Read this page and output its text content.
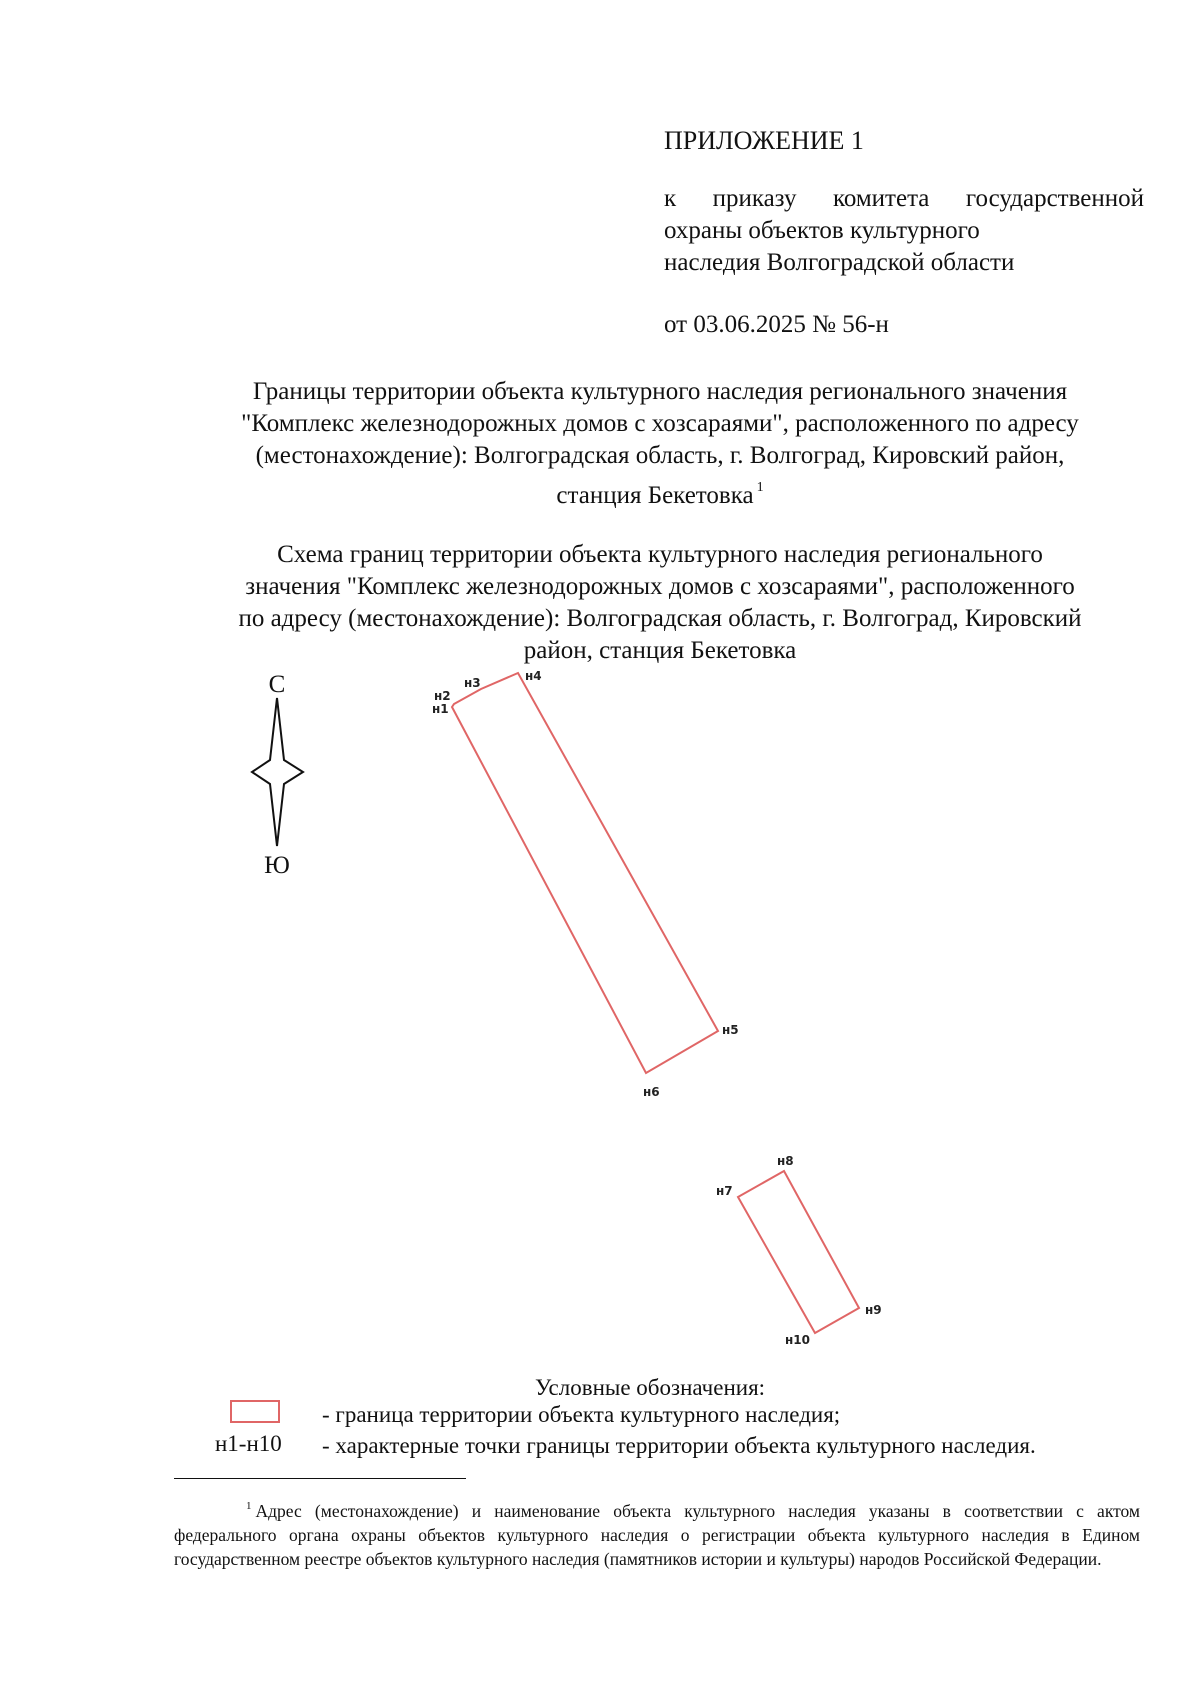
ПРИЛОЖЕНИЕ 1
к приказу комитета государственной
охраны объектов культурного
наследия Волгоградской области
от 03.06.2025 № 56-н
Границы территории объекта культурного наследия регионального значения
"Комплекс железнодорожных домов с хозсараями", расположенного по адресу
(местонахождение): Волгоградская область, г. Волгоград, Кировский район,
станция Бекетовка $^1$
Схема границ территории объекта культурного наследия регионального
значения "Комплекс железнодорожных домов с хозсараями", расположенного
по адресу (местонахождение): Волгоградская область, г. Волгоград, Кировский
район, станция Бекетовка
С
Ю
н1
н2
н3	н4
н5
н6
н7
н8
н9
н10
Условные обозначения:
- граница территории объекта культурного наследия;
н1-н10 - характерные точки границы территории объекта культурного наследия.
$^1$ Адрес (местонахождение) и наименование объекта культурного наследия указаны в соответствии с актом федерального органа охраны объектов культурного наследия о регистрации объекта культурного наследия в Едином государственном реестре объектов культурного наследия (памятников истории и культуры) народов Российской Федерации.
